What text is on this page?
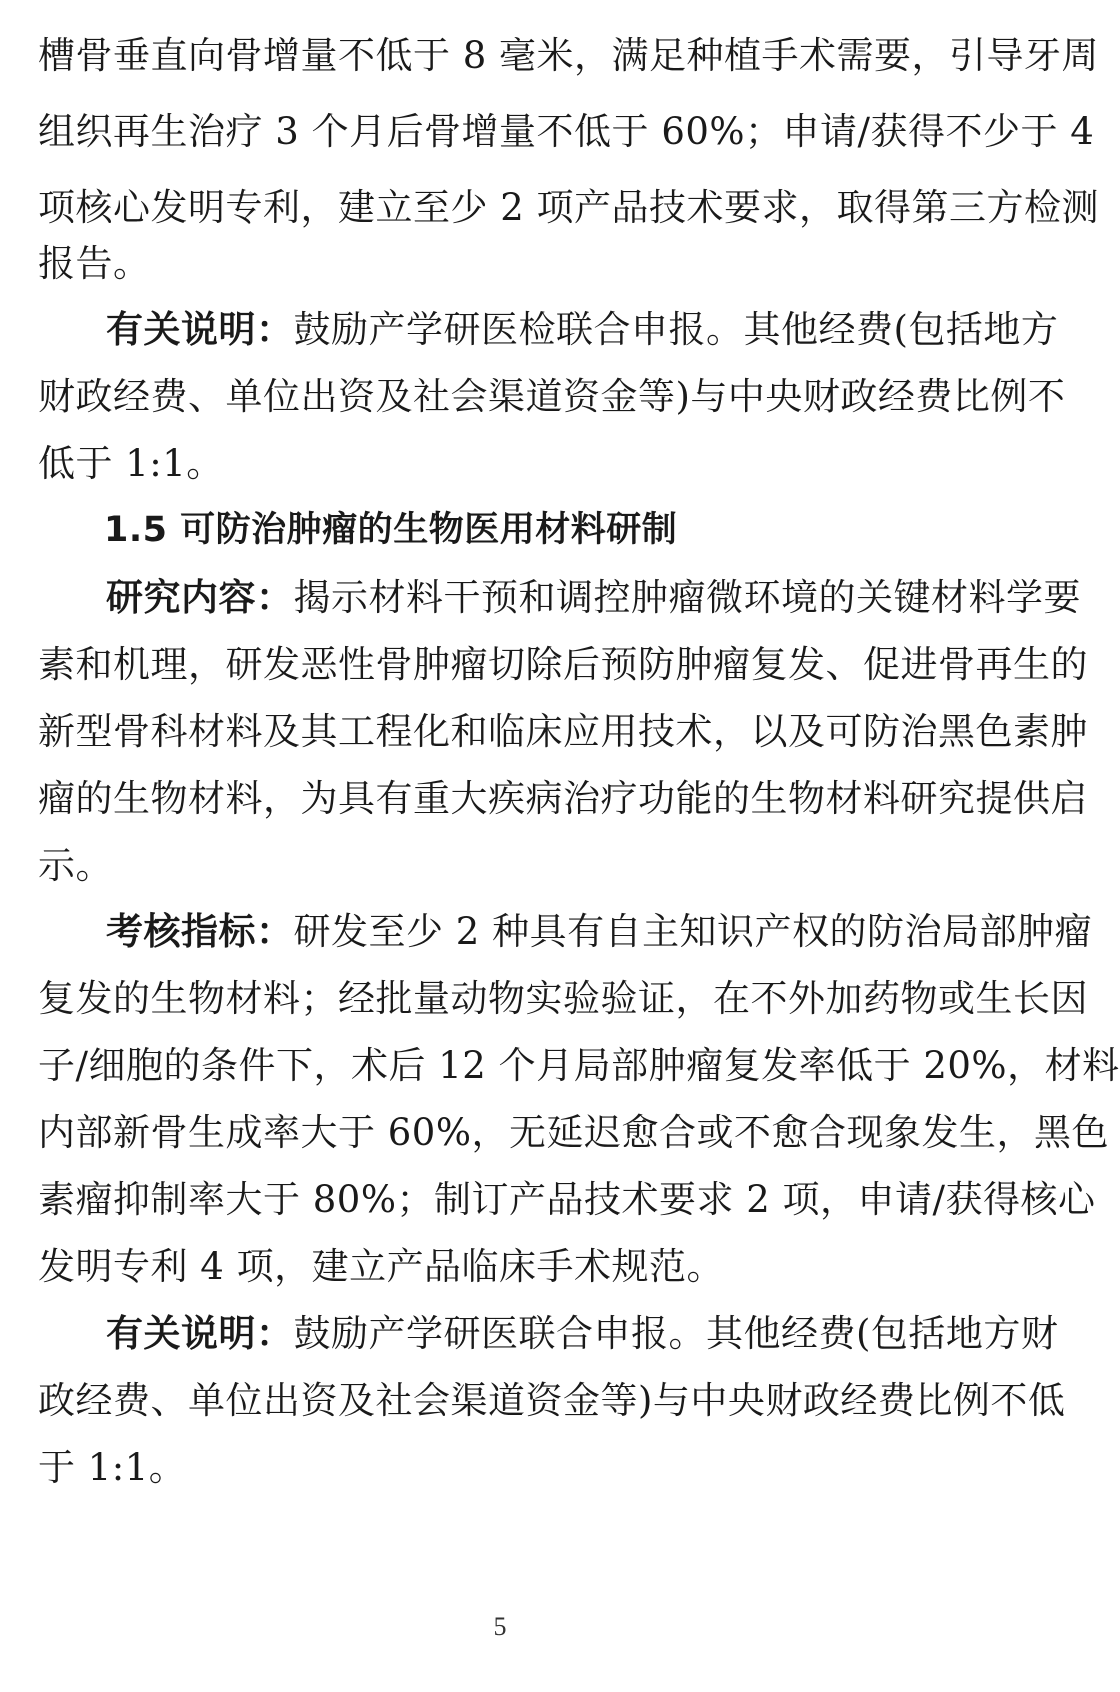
槽骨垂直向骨增量不低于 8 毫米，满足种植手术需要，引导牙周
组织再生治疗 3 个月后骨增量不低于 60%；申请/获得不少于 4
项核心发明专利，建立至少 2 项产品技术要求，取得第三方检测
报告。
有关说明：鼓励产学研医检联合申报。其他经费(包括地方
财政经费、单位出资及社会渠道资金等)与中央财政经费比例不
低于 1:1。
1.5 可防治肿瘤的生物医用材料研制
研究内容：揭示材料干预和调控肿瘤微环境的关键材料学要
素和机理，研发恶性骨肿瘤切除后预防肿瘤复发、促进骨再生的
新型骨科材料及其工程化和临床应用技术，以及可防治黑色素肿
瘤的生物材料，为具有重大疾病治疗功能的生物材料研究提供启
示。
考核指标：研发至少 2 种具有自主知识产权的防治局部肿瘤
复发的生物材料；经批量动物实验验证，在不外加药物或生长因
子/细胞的条件下，术后 12 个月局部肿瘤复发率低于 20%，材料
内部新骨生成率大于 60%，无延迟愈合或不愈合现象发生，黑色
素瘤抑制率大于 80%；制订产品技术要求 2 项，申请/获得核心
发明专利 4 项，建立产品临床手术规范。
有关说明：鼓励产学研医联合申报。其他经费(包括地方财
政经费、单位出资及社会渠道资金等)与中央财政经费比例不低
于 1:1。
5
